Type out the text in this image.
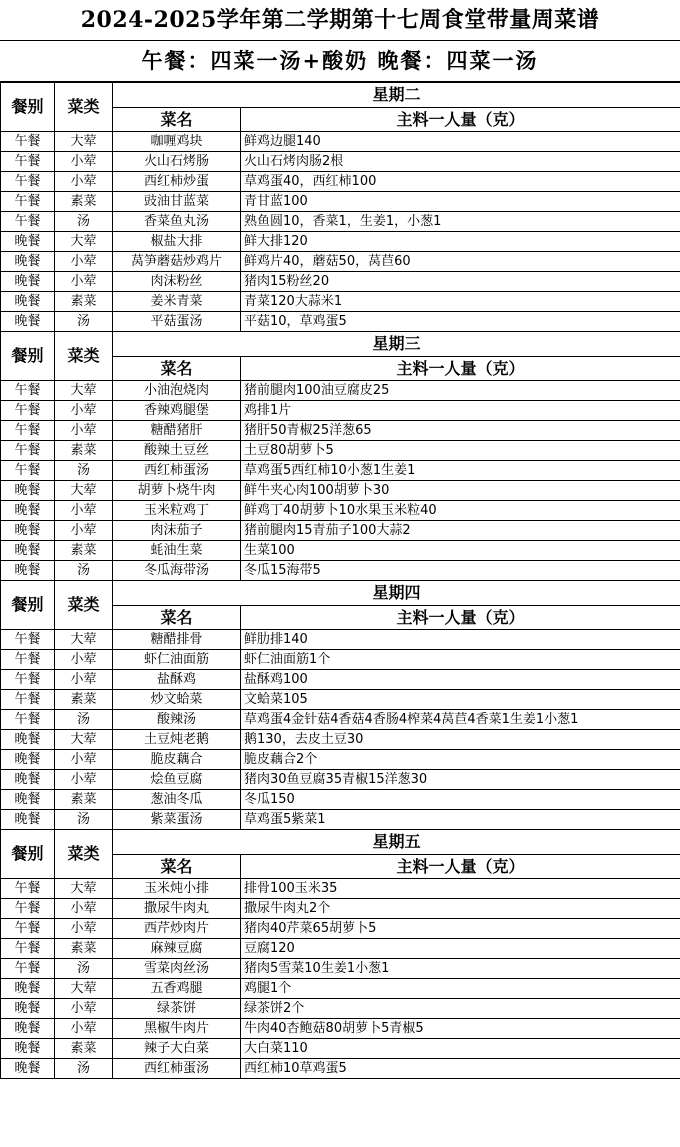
2024-2025学年第二学期第十七周食堂带量周菜谱
午餐：四菜一汤+酸奶 晚餐：四菜一汤
餐别	菜类	星期二	
		菜名	主料一人量（克）
午餐	大荤	咖喱鸡块	鲜鸡边腿140
午餐	小荤	火山石烤肠	火山石烤肉肠2根
午餐	小荤	西红柿炒蛋	草鸡蛋40，西红柿100
午餐	素菜	豉油甘蓝菜	青甘蓝100
午餐	汤	香菜鱼丸汤	熟鱼圆10，香菜1，生姜1，小葱1
晚餐	大荤	椒盐大排	鲜大排120
晚餐	小荤	莴笋蘑菇炒鸡片	鲜鸡片40，蘑菇50，莴苣60
晚餐	小荤	肉沫粉丝	猪肉15粉丝20
晚餐	素菜	姜米青菜	青菜120大蒜米1
晚餐	汤	平菇蛋汤	平菇10，草鸡蛋5
餐别	菜类	星期三	
		菜名	主料一人量（克）
午餐	大荤	小油泡烧肉	猪前腿肉100油豆腐皮25
午餐	小荤	香辣鸡腿堡	鸡排1片
午餐	小荤	糖醋猪肝	猪肝50青椒25洋葱65
午餐	素菜	酸辣土豆丝	土豆80胡萝卜5
午餐	汤	西红柿蛋汤	草鸡蛋5西红柿10小葱1生姜1
晚餐	大荤	胡萝卜烧牛肉	鲜牛夹心肉100胡萝卜30
晚餐	小荤	玉米粒鸡丁	鲜鸡丁40胡萝卜10水果玉米粒40
晚餐	小荤	肉沫茄子	猪前腿肉15青茄子100大蒜2
晚餐	素菜	蚝油生菜	生菜100
晚餐	汤	冬瓜海带汤	冬瓜15海带5
餐别	菜类	星期四	
		菜名	主料一人量（克）
午餐	大荤	糖醋排骨	鲜肋排140
午餐	小荤	虾仁油面筋	虾仁油面筋1个
午餐	小荤	盐酥鸡	盐酥鸡100
午餐	素菜	炒文蛤菜	文蛤菜105
午餐	汤	酸辣汤	草鸡蛋4金针菇4香菇4香肠4榨菜4莴苣4香菜1生姜1小葱1
晚餐	大荤	土豆炖老鹅	鹅130，去皮土豆30
晚餐	小荤	脆皮藕合	脆皮藕合2个
晚餐	小荤	烩鱼豆腐	猪肉30鱼豆腐35青椒15洋葱30
晚餐	素菜	葱油冬瓜	冬瓜150
晚餐	汤	紫菜蛋汤	草鸡蛋5紫菜1
餐别	菜类	星期五	
		菜名	主料一人量（克）
午餐	大荤	玉米炖小排	排骨100玉米35
午餐	小荤	撒尿牛肉丸	撒尿牛肉丸2个
午餐	小荤	西芹炒肉片	猪肉40芹菜65胡萝卜5
午餐	素菜	麻辣豆腐	豆腐120
午餐	汤	雪菜肉丝汤	猪肉5雪菜10生姜1小葱1
晚餐	大荤	五香鸡腿	鸡腿1个
晚餐	小荤	绿茶饼	绿茶饼2个
晚餐	小荤	黑椒牛肉片	牛肉40杏鲍菇80胡萝卜5青椒5
晚餐	素菜	辣子大白菜	大白菜110
晚餐	汤	西红柿蛋汤	西红柿10草鸡蛋5
